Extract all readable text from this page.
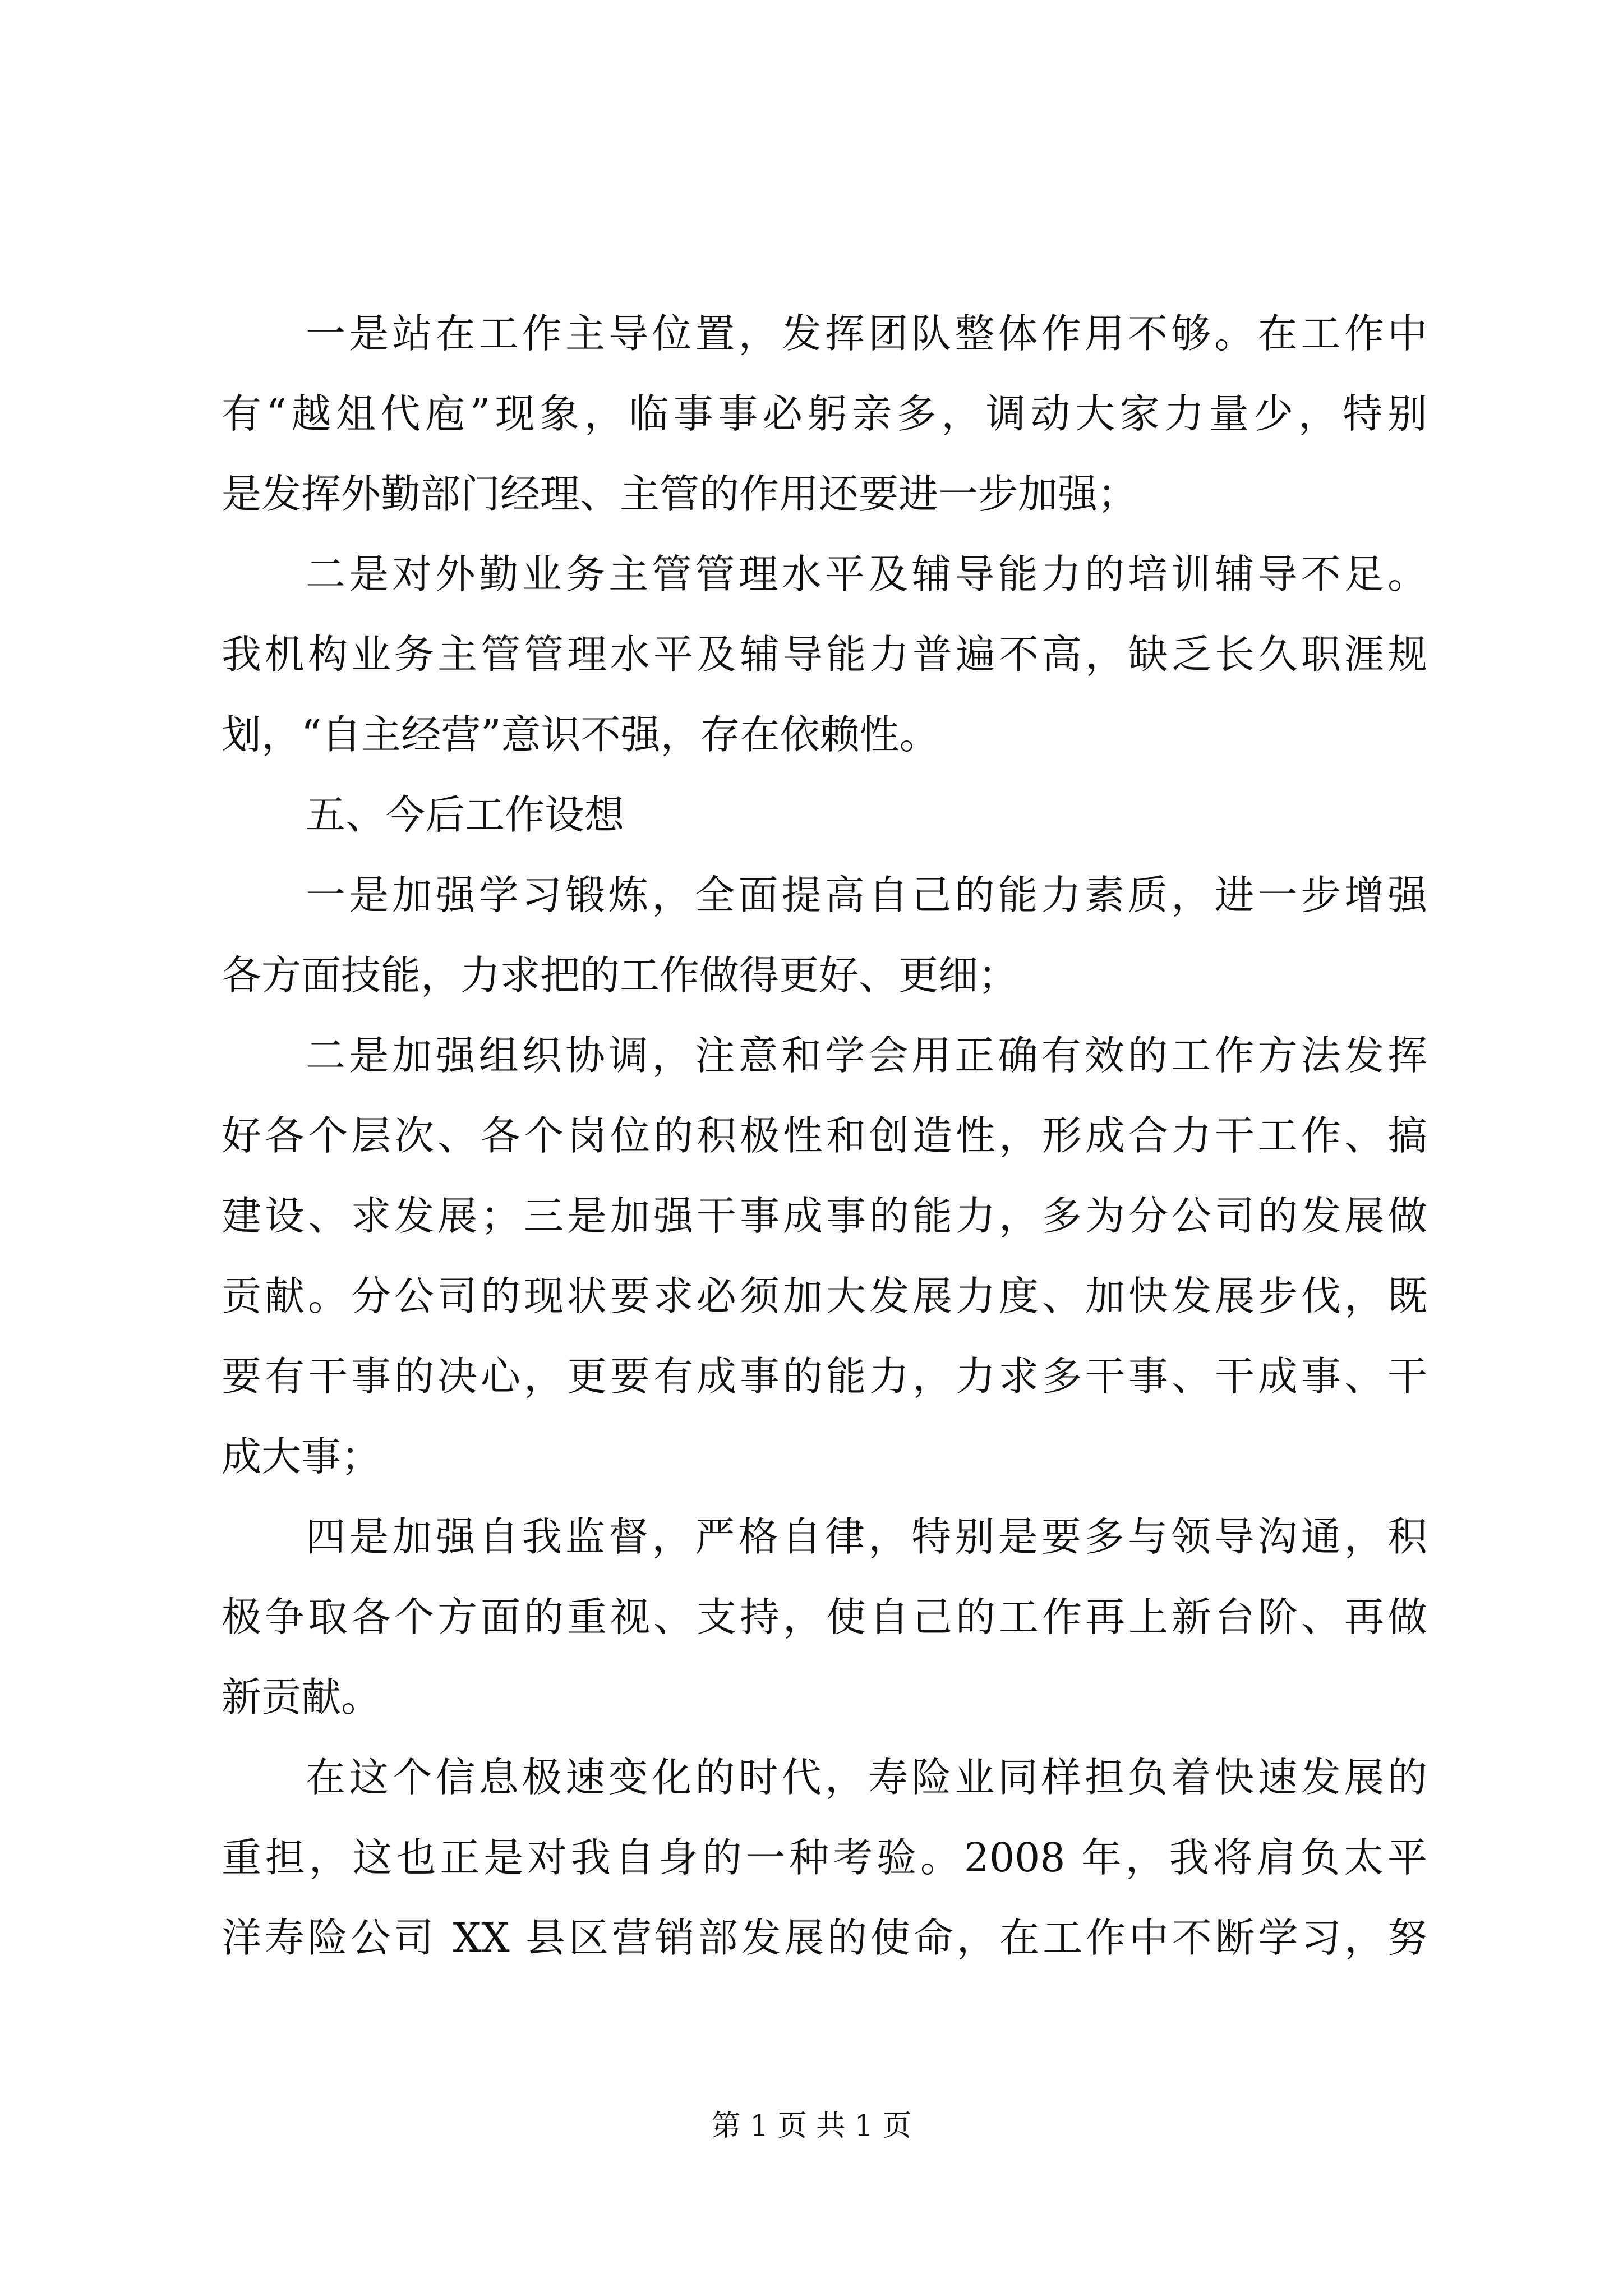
一是站在工作主导位置，发挥团队整体作用不够。在工作中
有“越俎代庖”现象，临事事必躬亲多，调动大家力量少，特别
是发挥外勤部门经理、主管的作用还要进一步加强；
二是对外勤业务主管管理水平及辅导能力的培训辅导不足。
我机构业务主管管理水平及辅导能力普遍不高，缺乏长久职涯规
划，“自主经营”意识不强，存在依赖性。
五、今后工作设想
一是加强学习锻炼，全面提高自己的能力素质，进一步增强
各方面技能，力求把的工作做得更好、更细；
二是加强组织协调，注意和学会用正确有效的工作方法发挥
好各个层次、各个岗位的积极性和创造性，形成合力干工作、搞
建设、求发展；三是加强干事成事的能力，多为分公司的发展做
贡献。分公司的现状要求必须加大发展力度、加快发展步伐，既
要有干事的决心，更要有成事的能力，力求多干事、干成事、干
成大事；
四是加强自我监督，严格自律，特别是要多与领导沟通，积
极争取各个方面的重视、支持，使自己的工作再上新台阶、再做
新贡献。
在这个信息极速变化的时代，寿险业同样担负着快速发展的
重担，这也正是对我自身的一种考验。2008 年，我将肩负太平
洋寿险公司 XX 县区营销部发展的使命，在工作中不断学习，努
第 1 页 共 1 页
